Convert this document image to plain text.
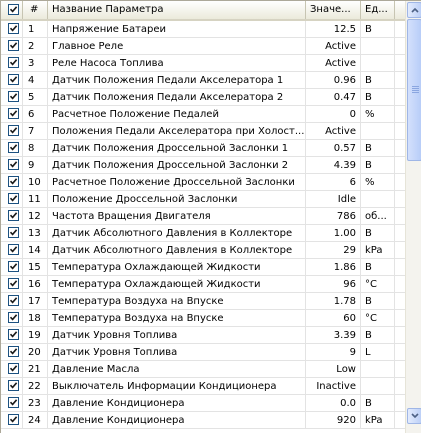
#	Название Параметра	Значе...	Ед...
1	Напряжение Батареи	12.5 В
2	Главное Реле	Active
3	Реле Насоса Топлива	Active
4	Датчик Положения Педали Акселератора 1	0.96 В
5	Датчик Положения Педали Акселератора 2	0.47 В
6	Расчетное Положение Педалей	0 %
7	Положения Педали Акселератора при Холост...	Active
8	Датчик Положения Дроссельной Заслонки 1	0.57 В
9	Датчик Положения Дроссельной Заслонки 2	4.39 В
10	Расчетное Положение Дроссельной Заслонки	6 %
11	Положение Дроссельной Заслонки	Idle
12	Частота Вращения Двигателя	786 об...
13	Датчик Абсолютного Давления в Коллекторе	1.00 В
14	Датчик Абсолютного Давления в Коллекторе	29 kPa
15	Температура Охлаждающей Жидкости	1.86 В
16	Температура Охлаждающей Жидкости	96 °C
17	Температура Воздуха на Впуске	1.78 В
18	Температура Воздуха на Впуске	60 °C
19	Датчик Уровня Топлива	3.39 В
20	Датчик Уровня Топлива	9 L
21	Давление Масла	Low
22	Выключатель Информации Кондиционера	Inactive
23	Давление Кондиционера	0.0 В
24	Давление Кондиционера	920 kPa
